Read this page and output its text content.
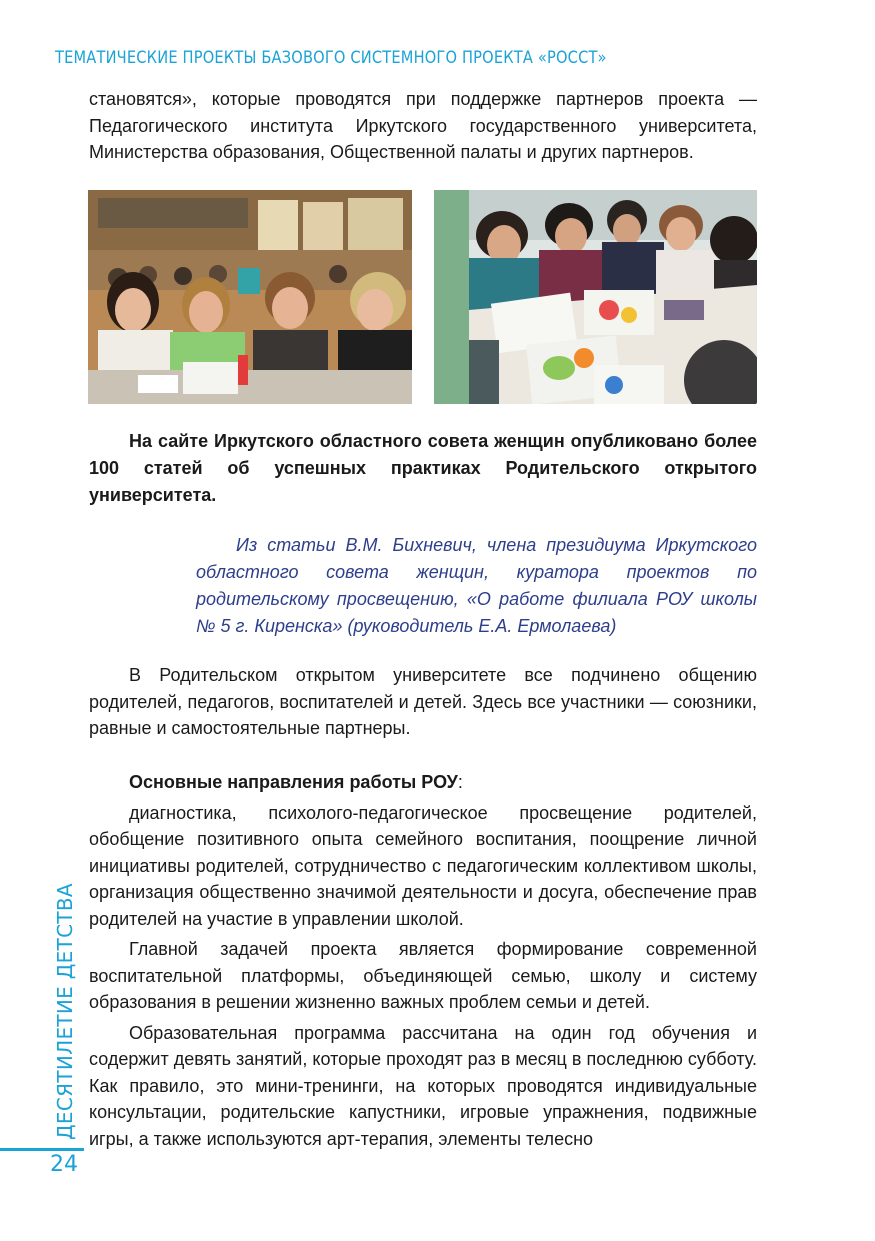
ТЕМАТИЧЕСКИЕ ПРОЕКТЫ БАЗОВОГО СИСТЕМНОГО ПРОЕКТА «РОССТ»

становятся», которые проводятся при поддержке партнеров проекта — Педагогического института Иркутского государственного университета, Министерства образования, Общественной палаты и других партнеров.

На сайте Иркутского областного совета женщин опубликовано более 100 статей об успешных практиках Родительского открытого университета.
Из статьи В.М. Бихневич, члена президиума Иркутского областного совета женщин, куратора проектов по родительскому просвещению, «О работе филиала РОУ школы № 5 г. Киренска» (руководитель Е.А. Ермолаева)

В Родительском открытом университете все подчинено общению родителей, педагогов, воспитателей и детей. Здесь все участники — союзники, равные и самостоятельные партнеры.

Основные направления работы РОУ:

диагностика, психолого-педагогическое просвещение родителей, обобщение позитивного опыта семейного воспитания, поощрение личной инициативы родителей, сотрудничество с педагогическим коллективом школы, организация общественно значимой деятельности и досуга, обеспечение прав родителей на участие в управлении школой.

Главной задачей проекта является формирование современной воспитательной платформы, объединяющей семью, школу и систему образования в решении жизненно важных проблем семьи и детей.

Образовательная программа рассчитана на один год обучения и содержит девять занятий, которые проходят раз в месяц в последнюю субботу. Как правило, это мини-тренинги, на которых проводятся индивидуальные консультации, родительские капустники, игровые упражнения, подвижные игры, а также используются арт-терапия, элементы телесно

ДЕСЯТИЛЕТИЕ ДЕТСТВА
24
